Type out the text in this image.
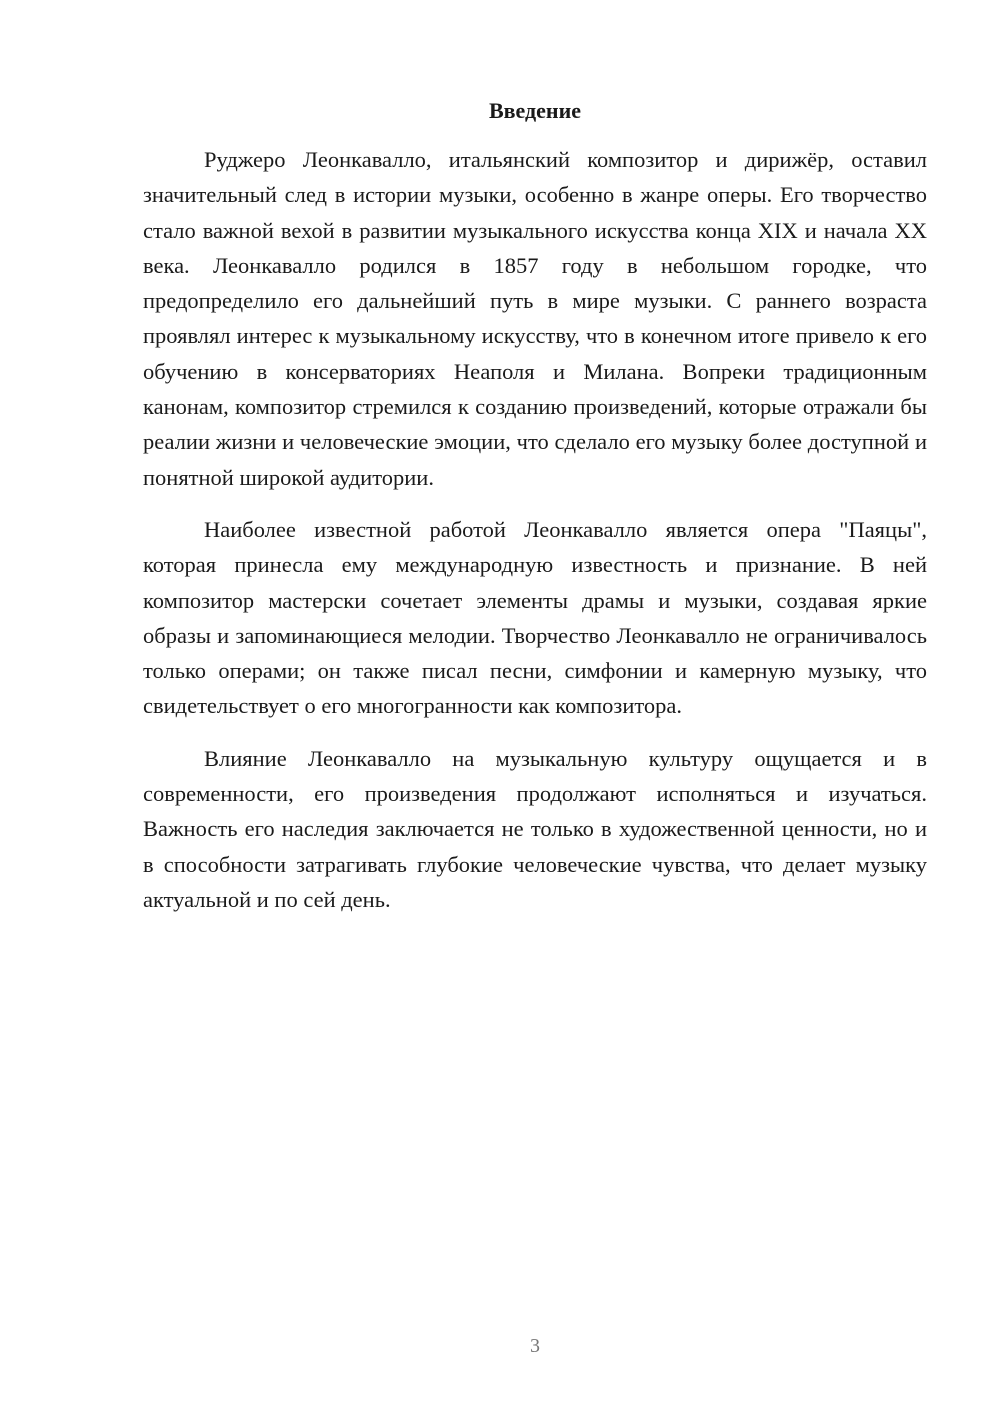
Введение

Руджеро Леонкавалло, итальянский композитор и дирижёр, оставил значительный след в истории музыки, особенно в жанре оперы. Его творчество стало важной вехой в развитии музыкального искусства конца XIX и начала XX века. Леонкавалло родился в 1857 году в небольшом городке, что предопределило его дальнейший путь в мире музыки. С раннего возраста проявлял интерес к музыкальному искусству, что в конечном итоге привело к его обучению в консерваториях Неаполя и Милана. Вопреки традиционным канонам, композитор стремился к созданию произведений, которые отражали бы реалии жизни и человеческие эмоции, что сделало его музыку более доступной и понятной широкой аудитории.

Наиболее известной работой Леонкавалло является опера "Паяцы", которая принесла ему международную известность и признание. В ней композитор мастерски сочетает элементы драмы и музыки, создавая яркие образы и запоминающиеся мелодии. Творчество Леонкавалло не ограничивалось только операми; он также писал песни, симфонии и камерную музыку, что свидетельствует о его многогранности как композитора.

Влияние Леонкавалло на музыкальную культуру ощущается и в современности, его произведения продолжают исполняться и изучаться. Важность его наследия заключается не только в художественной ценности, но и в способности затрагивать глубокие человеческие чувства, что делает музыку актуальной и по сей день.

3
